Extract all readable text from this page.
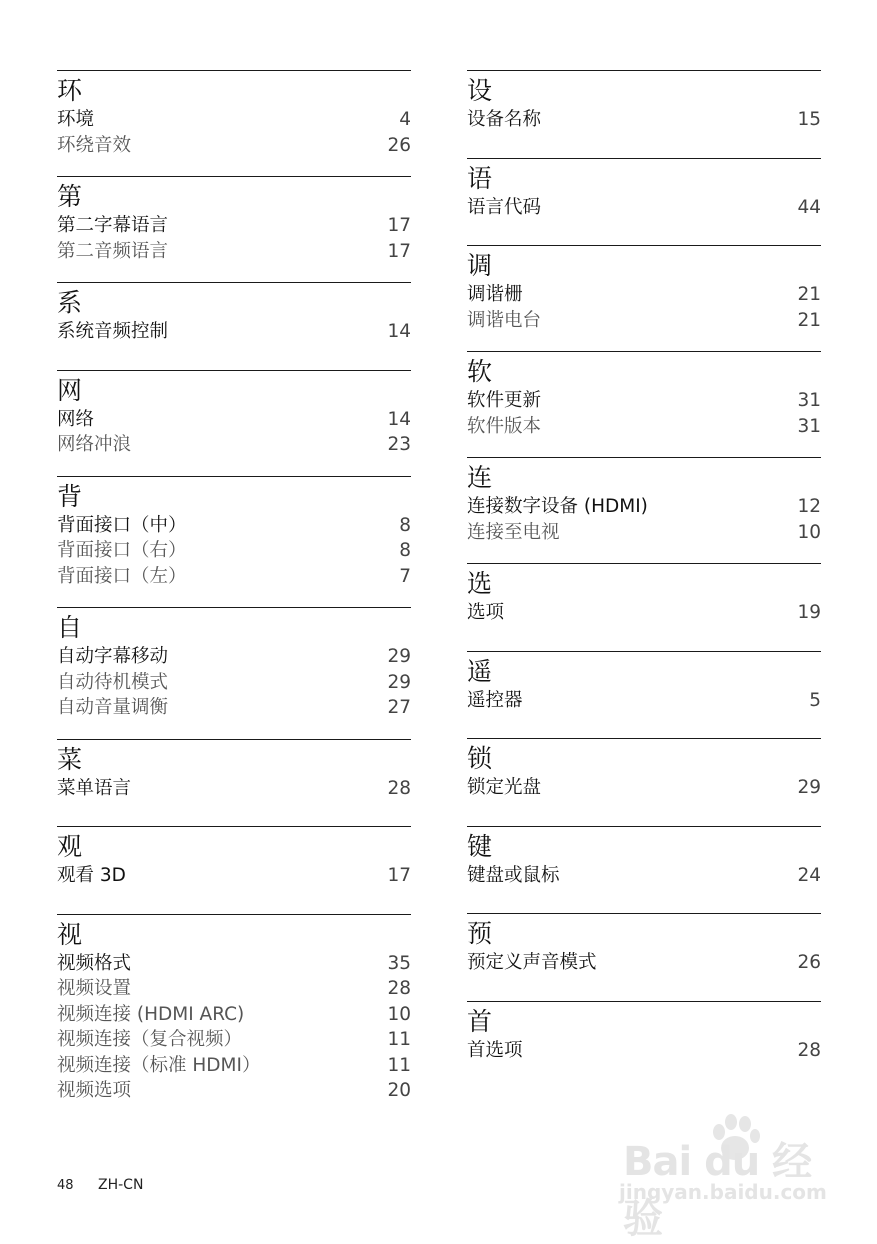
环
环境	4
环绕音效	26
第
第二字幕语言	17
第二音频语言	17
系
系统音频控制	14
网
网络	14
网络冲浪	23
背
背面接口（中）	8
背面接口（右）	8
背面接口（左）	7
自
自动字幕移动	29
自动待机模式	29
自动音量调衡	27
菜
菜单语言	28
观
观看 3D	17
视
视频格式	35
视频设置	28
视频连接 (HDMI ARC)	10
视频连接（复合视频）	11
视频连接（标准 HDMI）	11
视频选项	20
设
设备名称	15
语
语言代码	44
调
调谐栅	21
调谐电台	21
软
软件更新	31
软件版本	31
连
连接数字设备 (HDMI)	12
连接至电视	10
选
选项	19
遥
遥控器	5
锁
锁定光盘	29
键
键盘或鼠标	24
预
预定义声音模式	26
首
首选项	28
48 ZH-CN	Bai du 经验
jingyan.baidu.com
